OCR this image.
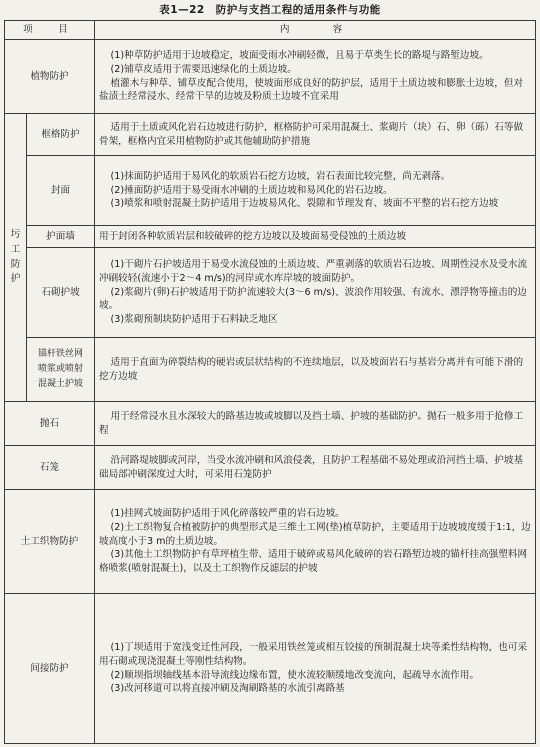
表1—22　防护与支挡工程的适用条件与功能
项　目		内　　容
植物防护		(1)种草防护适用于边坡稳定，坡面受雨水冲刷轻微，且易于草类生长的路堤与路堑边坡。

(2)铺草皮适用于需要迅速绿化的土质边坡。

植灌木与种草、铺草皮配合使用，使坡面形成良好的防护层，适用于土质边坡和膨胀土边坡，但对盐渍土经常浸水、经常干旱的边坡及粉质土边坡不宜采用

圬
工
防
护	框格防护	适用于土质或风化岩石边坡进行防护，框格防护可采用混凝土、浆砌片（块）石、卵（砾）石等做骨架，框格内宜采用植物防护或其他辅助防护措施

	封面	(1)抹面防护适用于易风化的软质岩石挖方边坡，岩石表面比较完整，尚无剥落。

(2)捶面防护适用于易受雨水冲刷的土质边坡和易风化的岩石边坡。

(3)喷浆和喷射混凝土防护适用于边坡易风化、裂隙和节理发育、坡面不平整的岩石挖方边坡

	护面墙	用于封闭各种软质岩层和较破碎的挖方边坡以及坡面易受侵蚀的土质边坡

	石砌护坡	(1)干砌片石护坡适用于易受水流侵蚀的土质边坡、严重剥落的软质岩石边坡、周期性浸水及受水流冲刷较轻(流速小于2～4 m/s)的河岸或水库岸坡的坡面防护。

(2)浆砌片(卵)石护坡适用于防护流速较大(3～6 m/s)、波浪作用较强、有流水、漂浮物等撞击的边坡。

(3)浆砌预制块防护适用于石料缺乏地区

	锚杆铁丝网
喷浆或喷射
混凝土护坡	适用于直面为碎裂结构的硬岩或层状结构的不连续地层，以及坡面岩石与基岩分离并有可能下滑的挖方边坡

抛石		用于经常浸水且水深较大的路基边坡或坡脚以及挡土墙、护坡的基础防护。抛石一般多用于抢修工程

石笼		沿河路堤坡脚或河岸，当受水流冲刷和风浪侵袭，且防护工程基础不易处理或沿河挡土墙、护坡基础局部冲刷深度过大时，可采用石笼防护

土工织物防护		(1)挂网式坡面防护适用于风化碎落较严重的岩石边坡。

(2)土工织物复合植被防护的典型形式是三维土工网(垫)植草防护，主要适用于边坡坡度缓于1:1，边坡高度小于3 m的土质边坡。

(3)其他土工织物防护有草坪植生带、适用于破碎或易风化破碎的岩石路堑边坡的锚杆挂高强塑料网格喷浆(喷射混凝土)，以及土工织物作反滤层的护坡

间接防护		(1)丁坝适用于宽浅变迁性河段，一般采用铁丝笼或相互铰接的预制混凝土块等柔性结构物，也可采用石砌或现浇混凝土等刚性结构物。

(2)顺坝指坝轴线基本沿导流线边缘布置，使水流较顺缓地改变流向，起疏导水流作用。

(3)改河移道可以将直接冲刷及淘刷路基的水流引离路基
